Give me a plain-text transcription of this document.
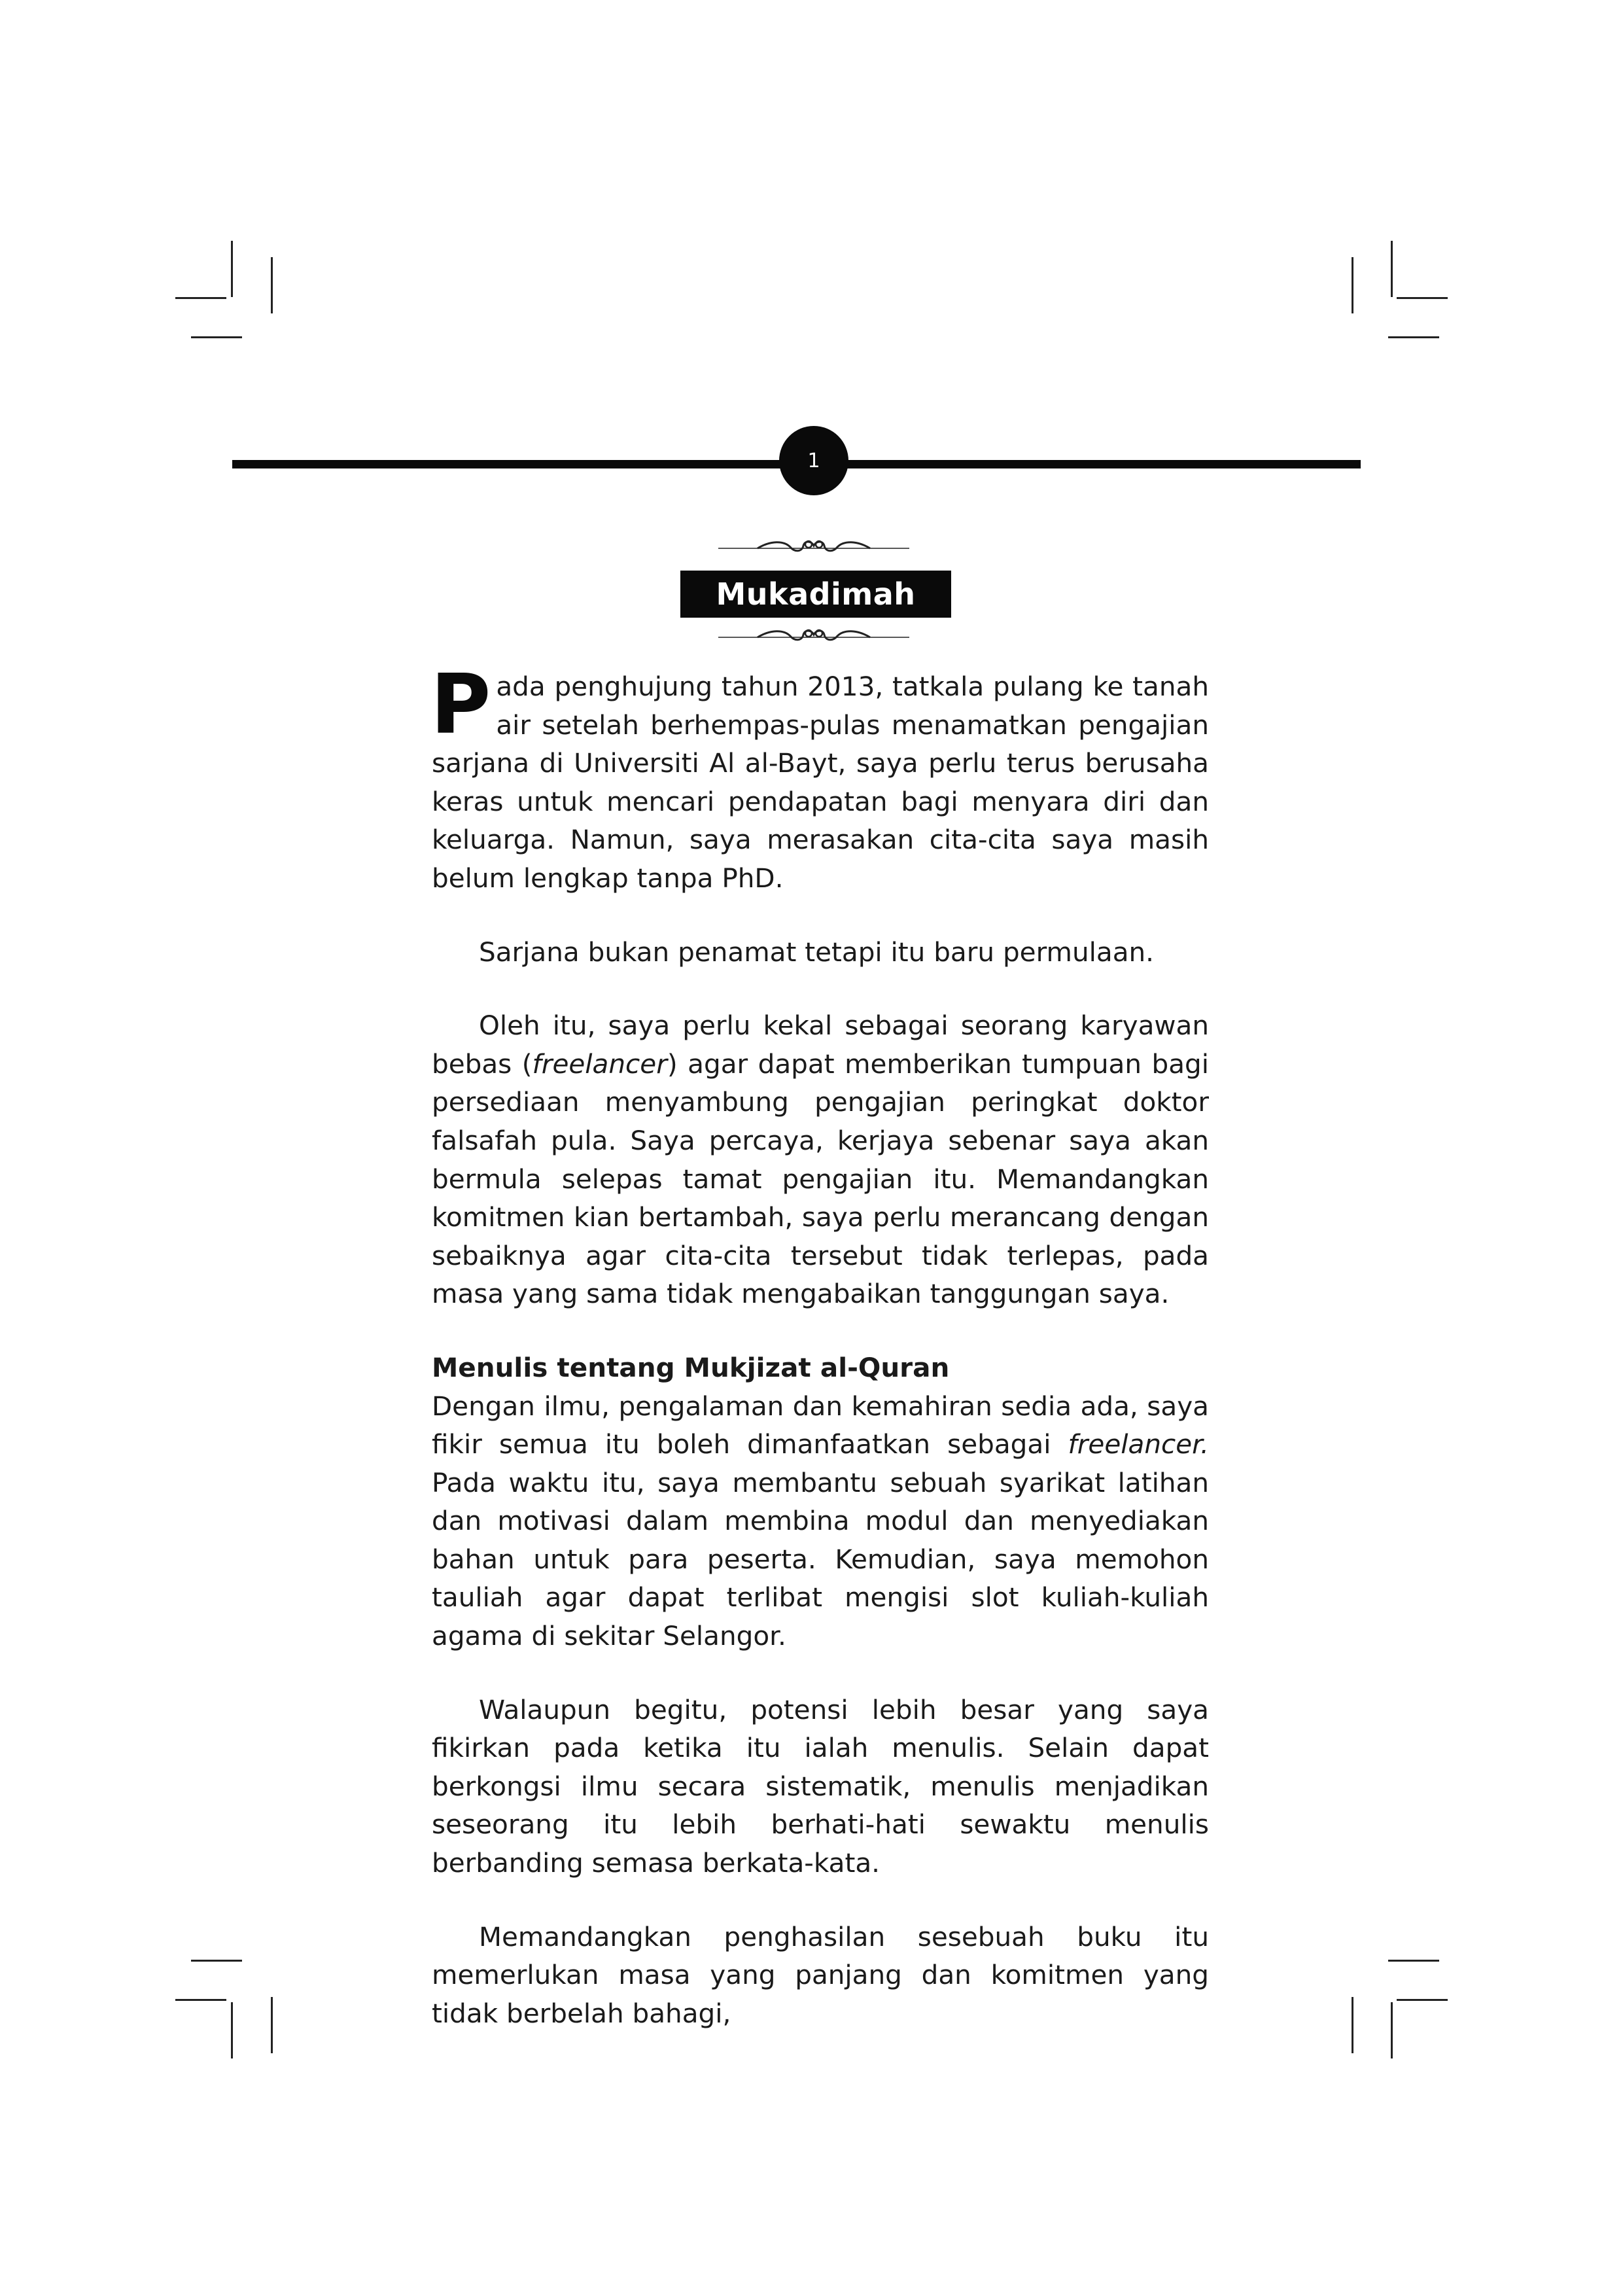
1
Mukadimah

Pada penghujung tahun 2013, tatkala pulang ke tanah air setelah berhempas-pulas menamatkan pengajian sarjana di Universiti Al al-Bayt, saya perlu terus berusaha keras untuk mencari pendapatan bagi menyara diri dan keluarga. Namun, saya merasakan cita-cita saya masih belum lengkap tanpa PhD.

Sarjana bukan penamat tetapi itu baru permulaan.

Oleh itu, saya perlu kekal sebagai seorang karyawan bebas (freelancer) agar dapat memberikan tumpuan bagi persediaan menyambung pengajian peringkat doktor falsafah pula. Saya percaya, kerjaya sebenar saya akan bermula selepas tamat pengajian itu. Memandangkan komitmen kian bertambah, saya perlu merancang dengan sebaiknya agar cita-cita tersebut tidak terlepas, pada masa yang sama tidak mengabaikan tanggungan saya.

Menulis tentang Mukjizat al-Quran

Dengan ilmu, pengalaman dan kemahiran sedia ada, saya fikir semua itu boleh dimanfaatkan sebagai freelancer. Pada waktu itu, saya membantu sebuah syarikat latihan dan motivasi dalam membina modul dan menyediakan bahan untuk para peserta. Kemudian, saya memohon tauliah agar dapat terlibat mengisi slot kuliah-kuliah agama di sekitar Selangor.

Walaupun begitu, potensi lebih besar yang saya fikirkan pada ketika itu ialah menulis. Selain dapat berkongsi ilmu secara sistematik, menulis menjadikan seseorang itu lebih berhati-hati sewaktu menulis berbanding semasa berkata-kata.

Memandangkan penghasilan sesebuah buku itu memerlukan masa yang panjang dan komitmen yang tidak berbelah bahagi,
